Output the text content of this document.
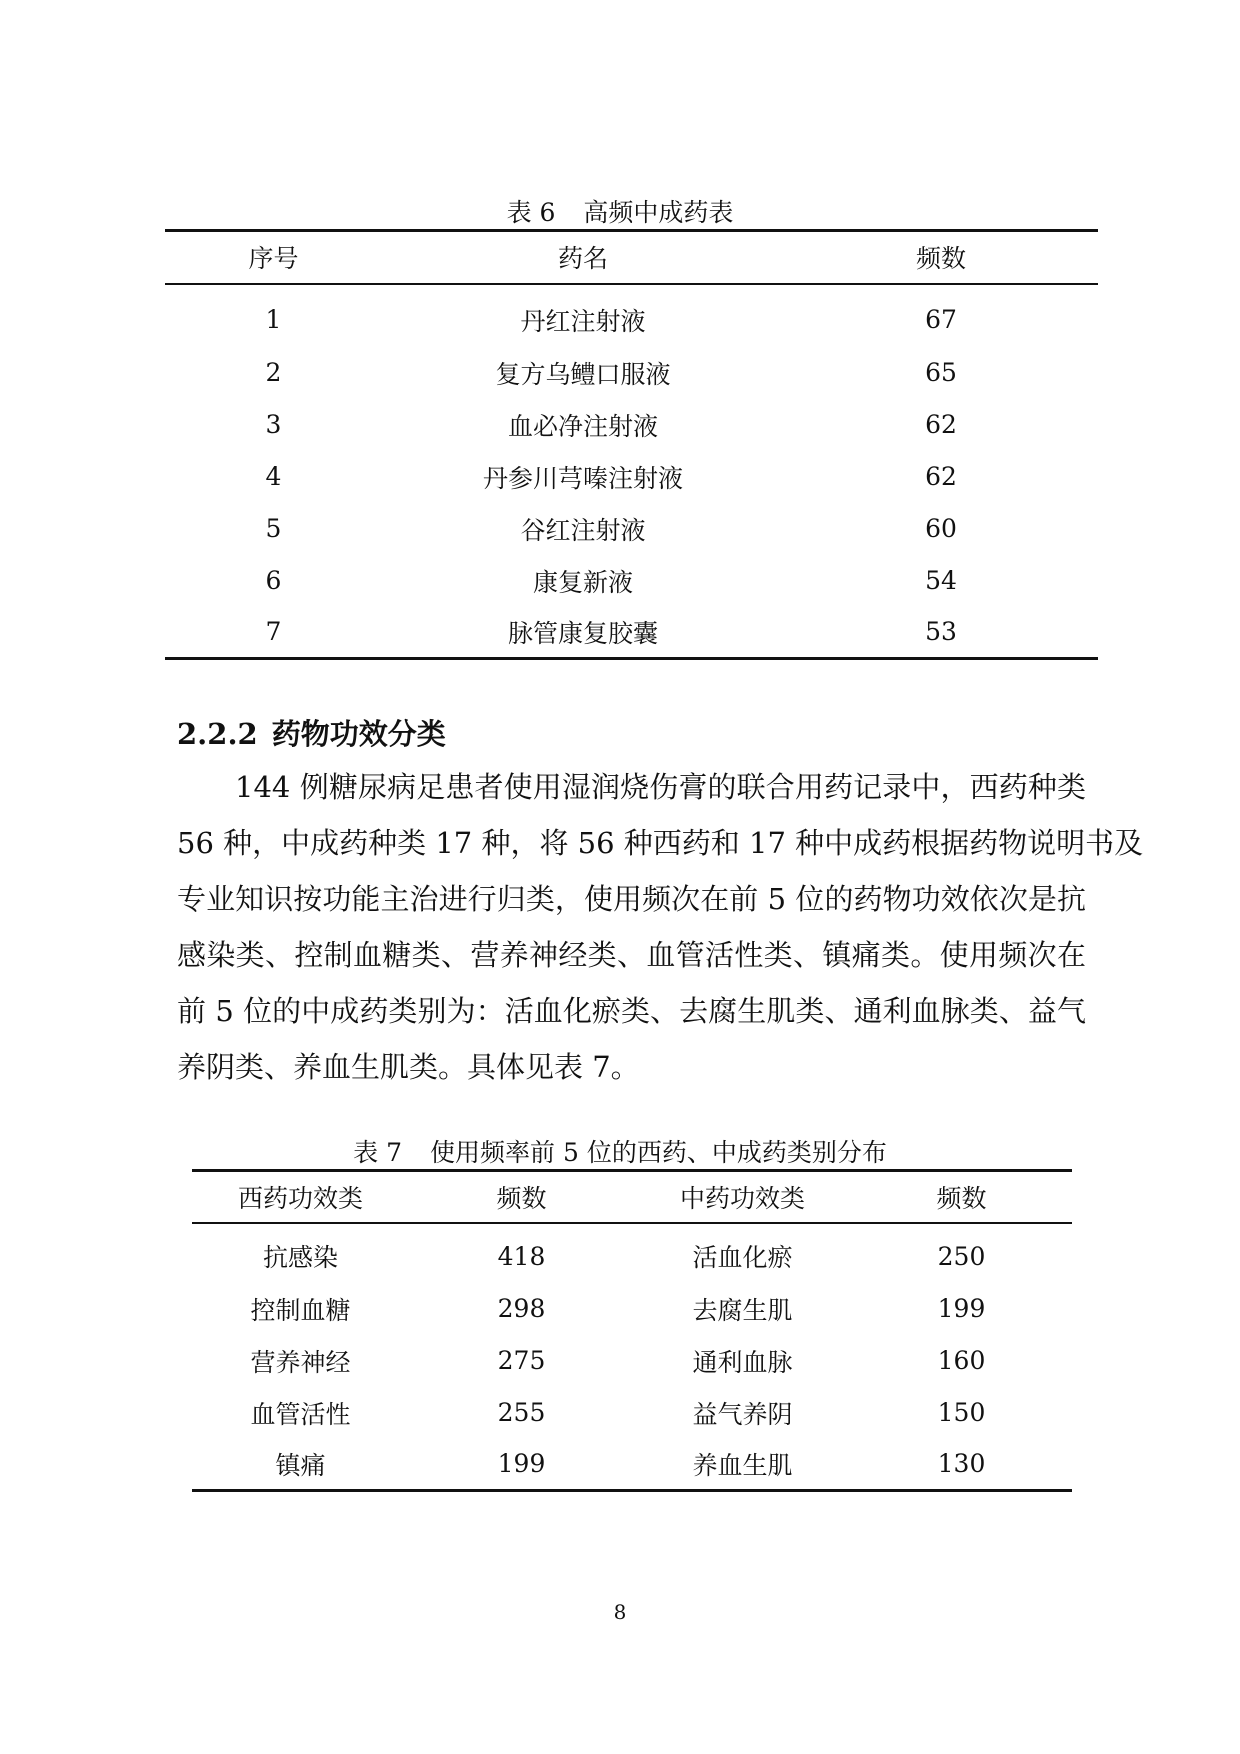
表 6 高频中成药表
序号	药名	频数
1	丹红注射液	67
2	复方乌鳢口服液	65
3	血必净注射液	62
4	丹参川芎嗪注射液	62
5	谷红注射液	60
6	康复新液	54
7	脉管康复胶囊	53
2.2.2 药物功效分类
144 例糖尿病足患者使用湿润烧伤膏的联合用药记录中，西药种类
56 种，中成药种类 17 种，将 56 种西药和 17 种中成药根据药物说明书及
专业知识按功能主治进行归类，使用频次在前 5 位的药物功效依次是抗
感染类、控制血糖类、营养神经类、血管活性类、镇痛类。使用频次在
前 5 位的中成药类别为：活血化瘀类、去腐生肌类、通利血脉类、益气
养阴类、养血生肌类。具体见表 7。
表 7 使用频率前 5 位的西药、中成药类别分布
西药功效类	频数	中药功效类	频数
抗感染	418	活血化瘀	250
控制血糖	298	去腐生肌	199
营养神经	275	通利血脉	160
血管活性	255	益气养阴	150
镇痛	199	养血生肌	130
8
